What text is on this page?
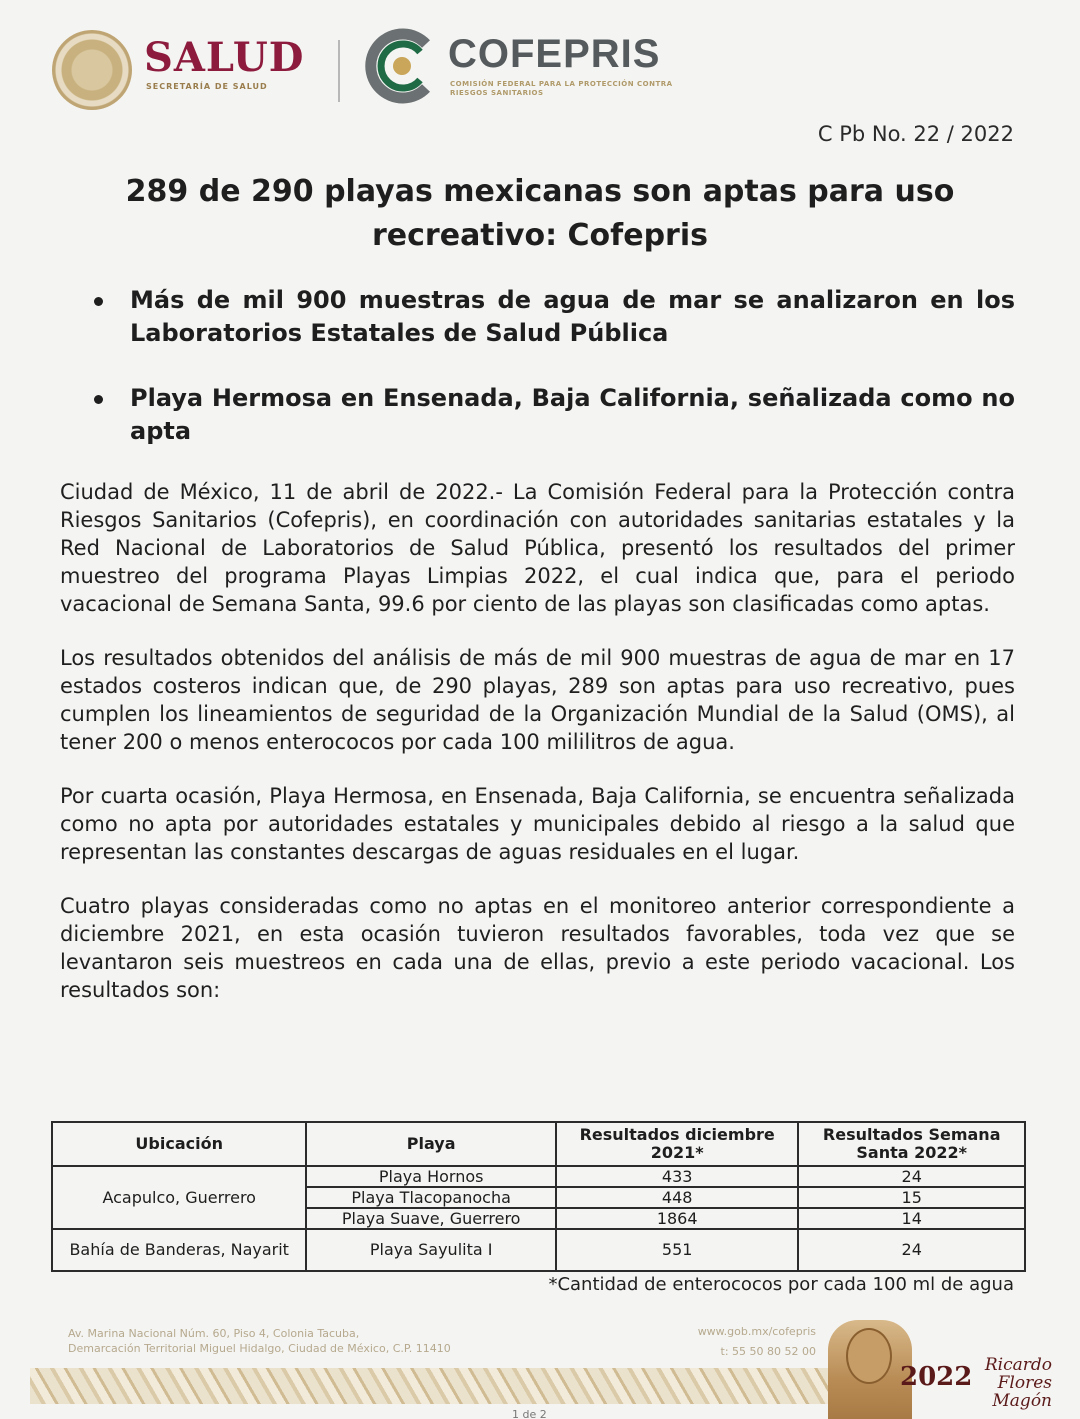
SALUD
SECRETARÍA DE SALUD
COFEPRIS
COMISIÓN FEDERAL PARA LA PROTECCIÓN CONTRA RIESGOS SANITARIOS
C Pb No. 22 / 2022
289 de 290 playas mexicanas son aptas para uso recreativo: Cofepris
Más de mil 900 muestras de agua de mar se analizaron en los Laboratorios Estatales de Salud Pública
Playa Hermosa en Ensenada, Baja California, señalizada como no apta

Ciudad de México, 11 de abril de 2022.- La Comisión Federal para la Protección contra Riesgos Sanitarios (Cofepris), en coordinación con autoridades sanitarias estatales y la Red Nacional de Laboratorios de Salud Pública, presentó los resultados del primer muestreo del programa Playas Limpias 2022, el cual indica que, para el periodo vacacional de Semana Santa, 99.6 por ciento de las playas son clasificadas como aptas.

Los resultados obtenidos del análisis de más de mil 900 muestras de agua de mar en 17 estados costeros indican que, de 290 playas, 289 son aptas para uso recreativo, pues cumplen los lineamientos de seguridad de la Organización Mundial de la Salud (OMS), al tener 200 o menos enterococos por cada 100 mililitros de agua.

Por cuarta ocasión, Playa Hermosa, en Ensenada, Baja California, se encuentra señalizada como no apta por autoridades estatales y municipales debido al riesgo a la salud que representan las constantes descargas de aguas residuales en el lugar.

Cuatro playas consideradas como no aptas en el monitoreo anterior correspondiente a diciembre 2021, en esta ocasión tuvieron resultados favorables, toda vez que se levantaron seis muestreos en cada una de ellas, previo a este periodo vacacional. Los resultados son:

Ubicación	Playa	Resultados diciembre 2021*	Resultados Semana Santa 2022*
Acapulco, Guerrero	Playa Hornos	433	24
	Playa Tlacopanocha	448	15
	Playa Suave, Guerrero	1864	14
Bahía de Banderas, Nayarit	Playa Sayulita I	551	24
*Cantidad de enterococos por cada 100 ml de agua
Av. Marina Nacional Núm. 60, Piso 4, Colonia Tacuba,
Demarcación Territorial Miguel Hidalgo, Ciudad de México, C.P. 11410
www.gob.mx/cofepris
t: 55 50 80 52 00
2022 Ricardo Flores Magón
1 de 2
